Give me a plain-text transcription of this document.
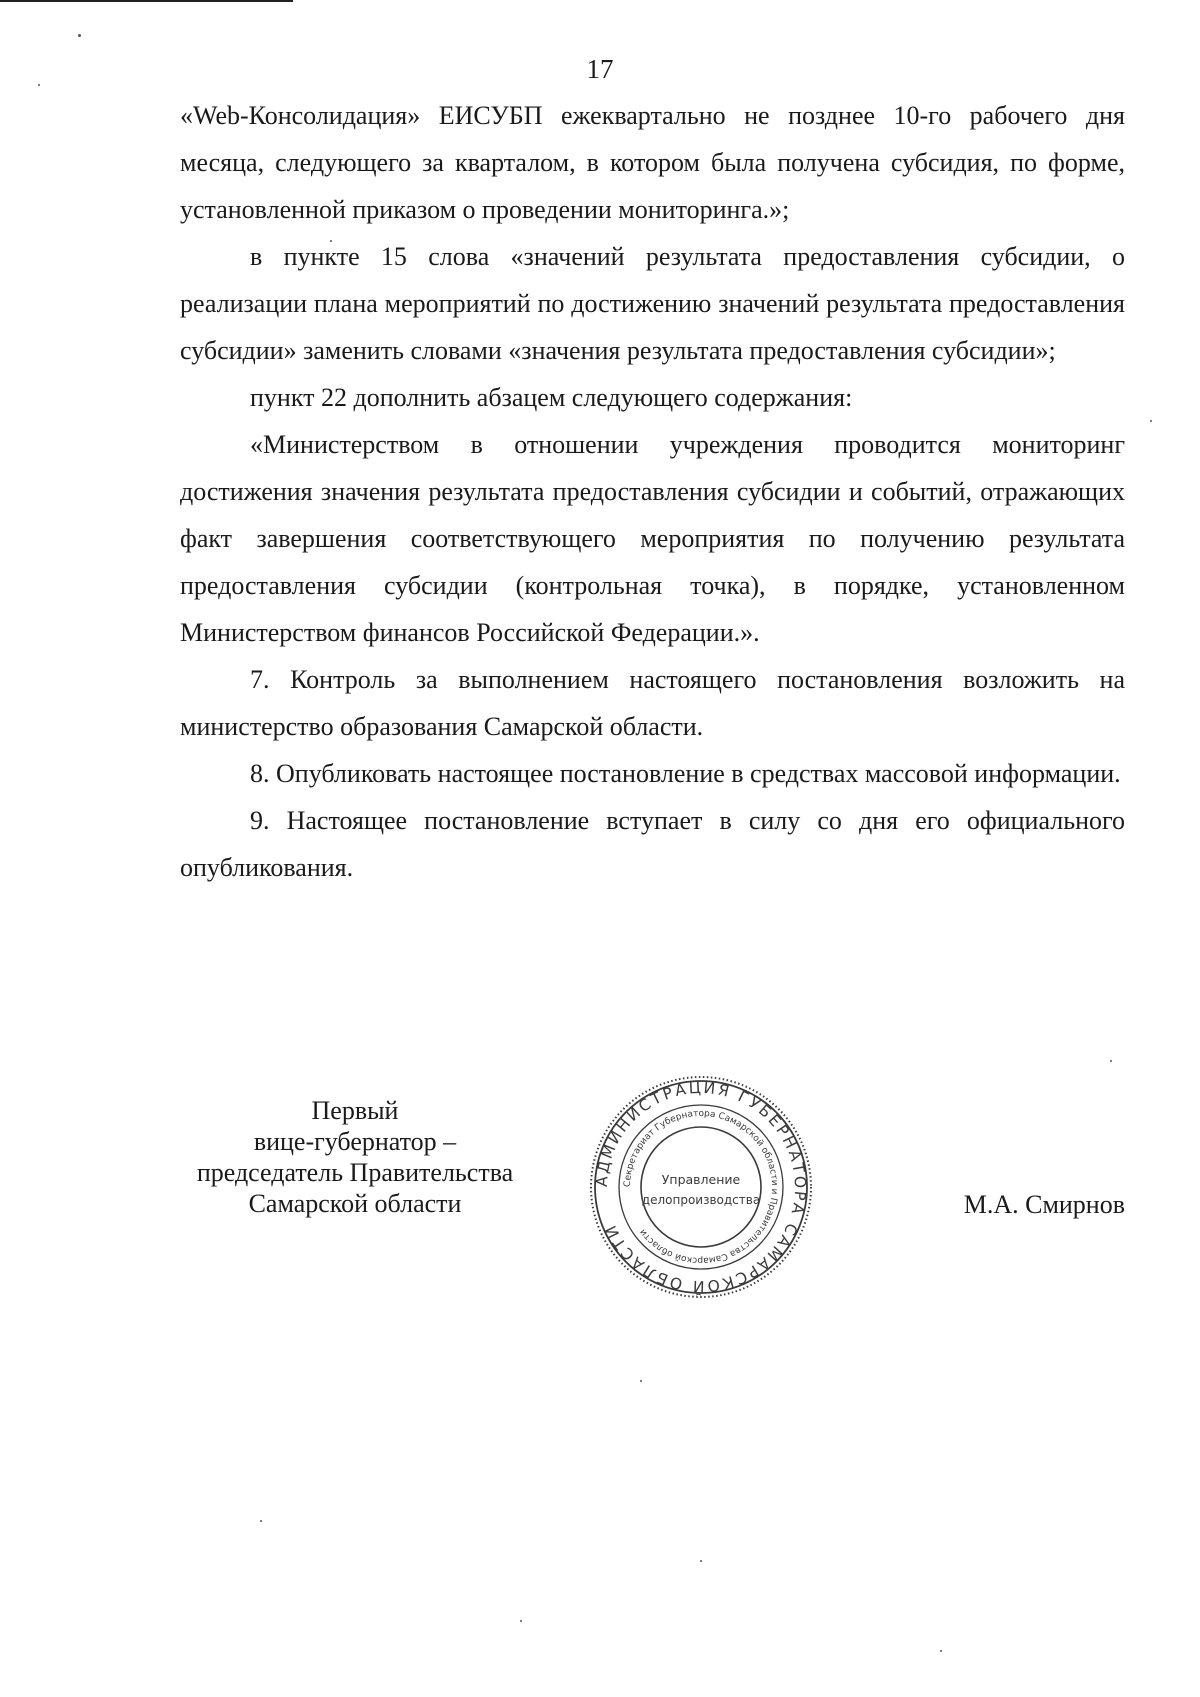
17

«Web-Консолидация» ЕИСУБП ежеквартально не позднее 10-го рабочего дня месяца, следующего за кварталом, в котором была получена субсидия, по форме, установленной приказом о проведении мониторинга.»;

в пункте 15 слова «значений результата предоставления субсидии, о реализации плана мероприятий по достижению значений результата предоставления субсидии» заменить словами «значения результата предоставления субсидии»;

пункт 22 дополнить абзацем следующего содержания:

«Министерством в отношении учреждения проводится мониторинг достижения значения результата предоставления субсидии и событий, отражающих факт завершения соответствующего мероприятия по получению результата предоставления субсидии (контрольная точка), в порядке, установленном Министерством финансов Российской Федерации.».

7. Контроль за выполнением настоящего постановления возложить на министерство образования Самарской области.

8. Опубликовать настоящее постановление в средствах массовой информации.

9. Настоящее постановление вступает в силу со дня его официального опубликования.

Первый
вице-губернатор –
председатель Правительства
Самарской области	М.А. Смирнов
АДМИНИСТРАЦИЯ ГУБЕРНАТОРА САМАРСКОЙ ОБЛАСТИ
Секретариат Губернатора Самарской области и Правительства Самарской области
Управление
делопроизводства
